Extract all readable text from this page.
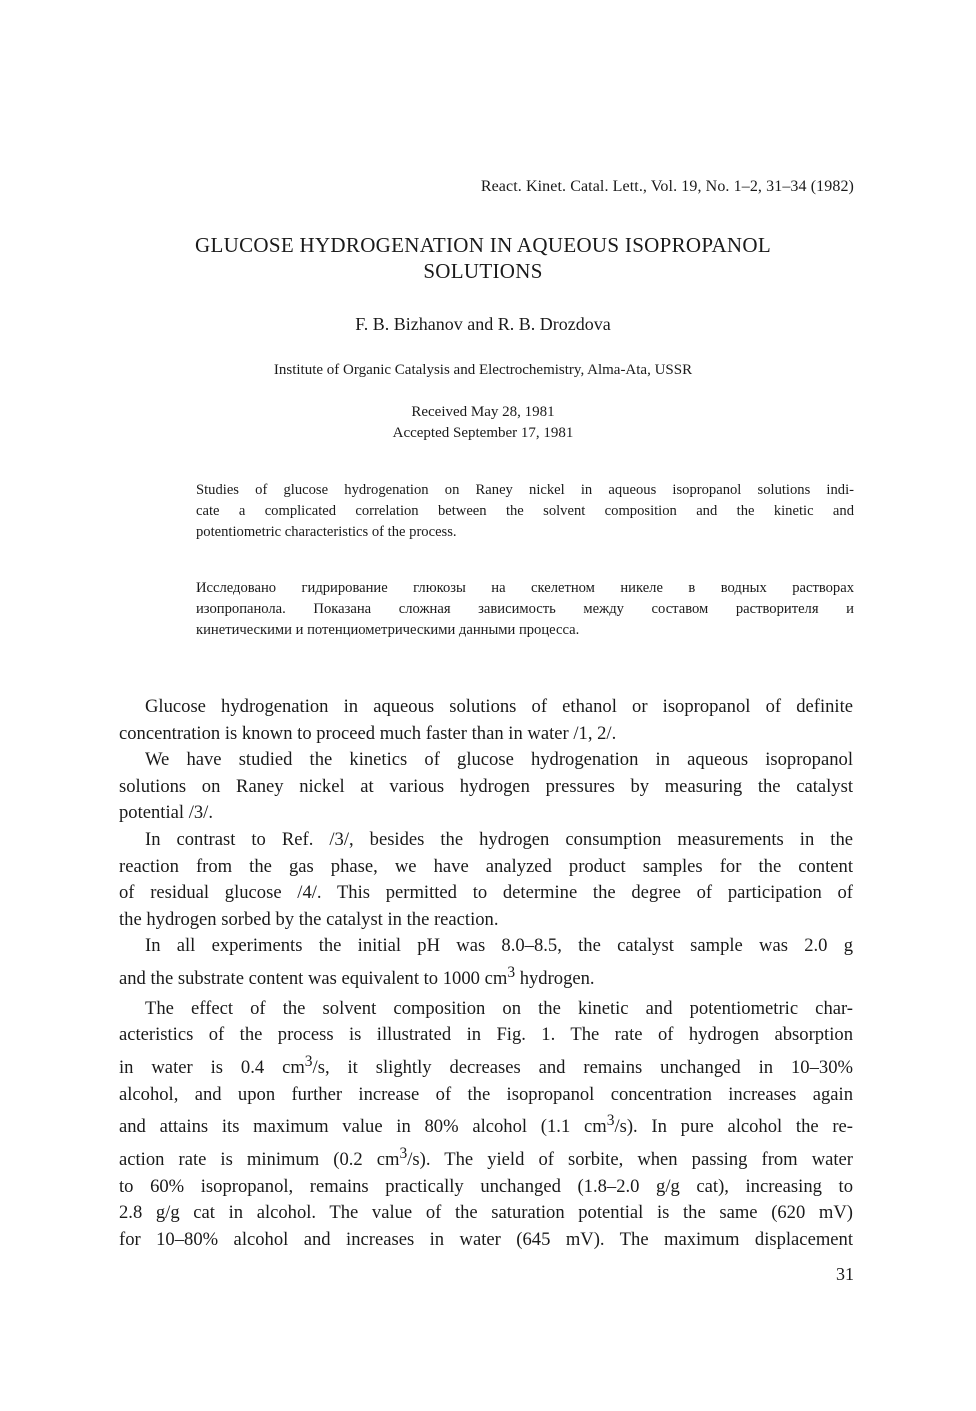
React. Kinet. Catal. Lett., Vol. 19, No. 1–2, 31–34 (1982)
GLUCOSE HYDROGENATION IN AQUEOUS ISOPROPANOL
SOLUTIONS
F. B. Bizhanov and R. B. Drozdova
Institute of Organic Catalysis and Electrochemistry, Alma-Ata, USSR
Received May 28, 1981
Accepted September 17, 1981
Studies of glucose hydrogenation on Raney nickel in aqueous isopropanol solutions indi-
cate a complicated correlation between the solvent composition and the kinetic and
potentiometric characteristics of the process.
Исследовано гидрирование глюкозы на скелетном никеле в водных растворах
изопропанола. Показана сложная зависимость между составом растворителя и
кинетическими и потенциометрическими данными процесса.
Glucose hydrogenation in aqueous solutions of ethanol or isopropanol of definite
concentration is known to proceed much faster than in water /1, 2/.
We have studied the kinetics of glucose hydrogenation in aqueous isopropanol
solutions on Raney nickel at various hydrogen pressures by measuring the catalyst
potential /3/.
In contrast to Ref. /3/, besides the hydrogen consumption measurements in the
reaction from the gas phase, we have analyzed product samples for the content
of residual glucose /4/. This permitted to determine the degree of participation of
the hydrogen sorbed by the catalyst in the reaction.
In all experiments the initial pH was 8.0–8.5, the catalyst sample was 2.0 g
and the substrate content was equivalent to 1000 $cm^3$ hydrogen.
The effect of the solvent composition on the kinetic and potentiometric char-
acteristics of the process is illustrated in Fig. 1. The rate of hydrogen absorption
in water is 0.4 $cm^3/s$, it slightly decreases and remains unchanged in 10–30%
alcohol, and upon further increase of the isopropanol concentration increases again
and attains its maximum value in 80% alcohol (1.1 $cm^3/s$). In pure alcohol the re-
action rate is minimum (0.2 $cm^3/s$). The yield of sorbite, when passing from water
to 60% isopropanol, remains practically unchanged (1.8–2.0 g/g cat), increasing to
2.8 g/g cat in alcohol. The value of the saturation potential is the same (620 mV)
for 10–80% alcohol and increases in water (645 mV). The maximum displacement
31
